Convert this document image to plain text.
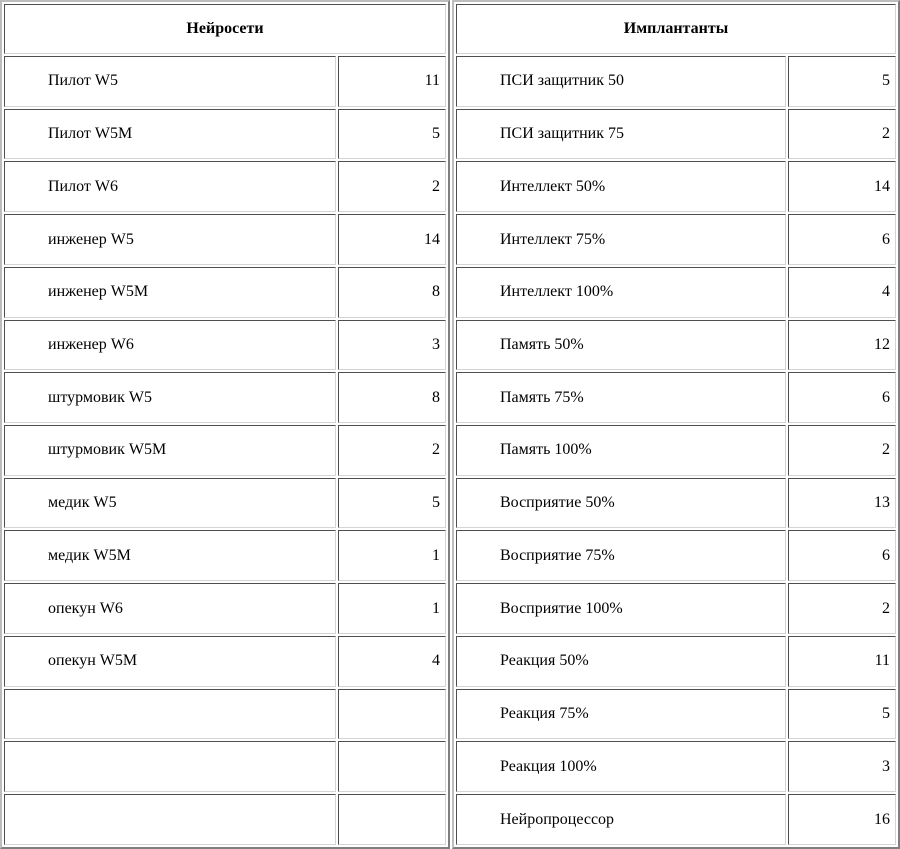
Нейросети	
Пилот W5	11
Пилот W5M	5
Пилот W6	2
инженер W5	14
инженер W5M	8
инженер W6	3
штурмовик W5	8
штурмовик W5M	2
медик W5	5
медик W5M	1
опекун W6	1
опекун W5M	4

Имплантанты	
ПСИ защитник 50	5
ПСИ защитник 75	2
Интеллект 50%	14
Интеллект 75%	6
Интеллект 100%	4
Память 50%	12
Память 75%	6
Память 100%	2
Восприятие 50%	13
Восприятие 75%	6
Восприятие 100%	2
Реакция 50%	11
Реакция 75%	5
Реакция 100%	3
Нейропроцессор	16
